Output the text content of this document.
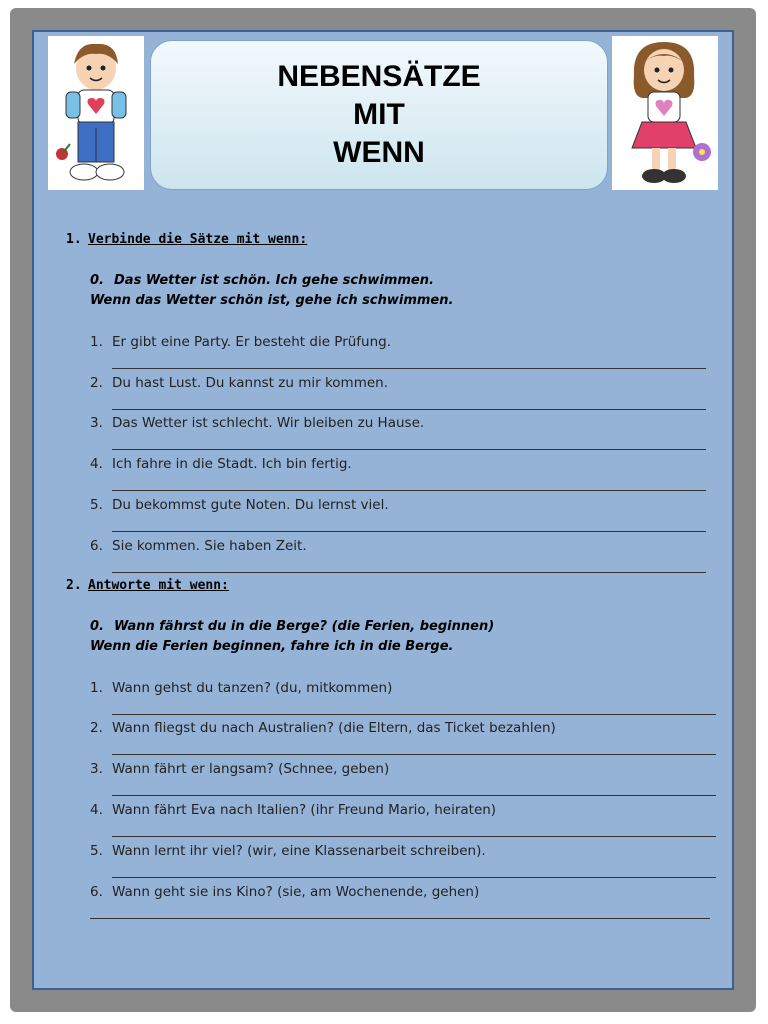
NEBENSÄTZE
MIT
WENN
1. Verbinde die Sätze mit wenn:
0. Das Wetter ist schön. Ich gehe schwimmen.
Wenn das Wetter schön ist, gehe ich schwimmen.
1. Er gibt eine Party. Er besteht die Prüfung.
2. Du hast Lust. Du kannst zu mir kommen.
3. Das Wetter ist schlecht. Wir bleiben zu Hause.
4. Ich fahre in die Stadt. Ich bin fertig.
5. Du bekommst gute Noten. Du lernst viel.
6. Sie kommen. Sie haben Zeit.
2. Antworte mit wenn:
0. Wann fährst du in die Berge? (die Ferien, beginnen)
Wenn die Ferien beginnen, fahre ich in die Berge.
1. Wann gehst du tanzen? (du, mitkommen)
2. Wann fliegst du nach Australien? (die Eltern, das Ticket bezahlen)
3. Wann fährt er langsam? (Schnee, geben)
4. Wann fährt Eva nach Italien? (ihr Freund Mario, heiraten)
5. Wann lernt ihr viel? (wir, eine Klassenarbeit schreiben).
6. Wann geht sie ins Kino? (sie, am Wochenende, gehen)
